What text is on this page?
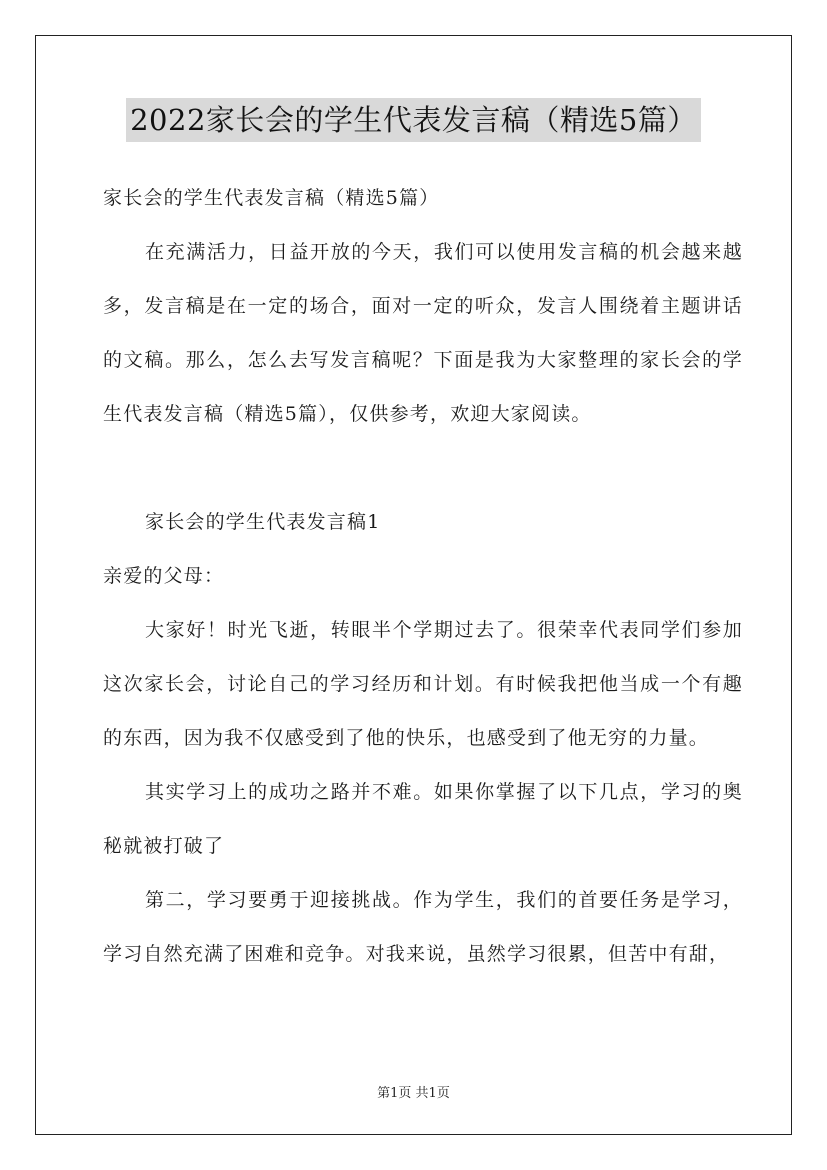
2022家长会的学生代表发言稿（精选5篇）

家长会的学生代表发言稿（精选5篇）

在充满活力，日益开放的今天，我们可以使用发言稿的机会越来越多，发言稿是在一定的场合，面对一定的听众，发言人围绕着主题讲话的文稿。那么，怎么去写发言稿呢？下面是我为大家整理的家长会的学生代表发言稿（精选5篇），仅供参考，欢迎大家阅读。

家长会的学生代表发言稿1

亲爱的父母：

大家好！时光飞逝，转眼半个学期过去了。很荣幸代表同学们参加这次家长会，讨论自己的学习经历和计划。有时候我把他当成一个有趣的东西，因为我不仅感受到了他的快乐，也感受到了他无穷的力量。

其实学习上的成功之路并不难。如果你掌握了以下几点，学习的奥秘就被打破了

第二，学习要勇于迎接挑战。作为学生，我们的首要任务是学习，学习自然充满了困难和竞争。对我来说，虽然学习很累，但苦中有甜，

第1页 共1页
